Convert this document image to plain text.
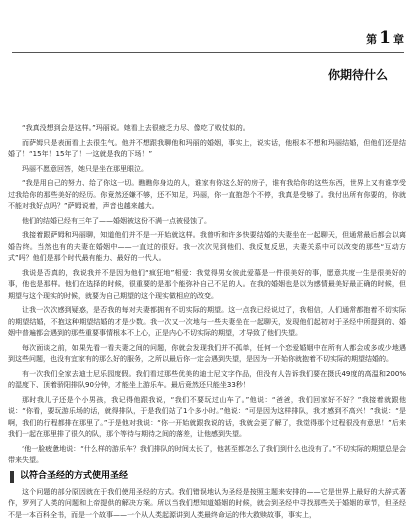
第 1 章
你期待什么

“我真没想到会是这样。”玛丽说。她看上去很疲乏力尽、像吃了败仗似的。

而萨姆只是表面看上去很生气。他并不想跟我聊他和玛丽的婚姻，事实上，说实话，他根本不想和玛丽结婚，但他们还是结婚了！“15年！15年了！一这就是我的下场！”

玛丽不愿意回答，她只是坐在那里眼泣。

“我是用自己的努力、给了你这一切。瞧瞧你身边的人，谁家有你这么好的房子，谁有我给你的这些东西，世界上又有谁享受过我给你的那些美好的经历。你竟然还嫌不够，还不知足，玛丽，你一直抱怨个不停，我真是受够了。我付出所有你要的，你就不能对我好点吗？”萨姆说着，声音也越来越大。

他们的结婚已经有三年了——婚姻被这份不满一点被侵蚀了。

我接着跟萨姆和玛丽聊，知道他们并不是一开始就这样。我曾听和许多快要结婚的夫妻坐在一起聊天，但通常最后都会以离婚告终。当然也有的夫妻在婚姻中——一直过的很好。我一次次见到他们、我反复反思，夫妻关系中可以改变的那些“互动方式”吗？他们是那个时代最有能力、最好的一代人。

我说是否真的，我说我并不是因为他们“疯狂地”相爱：我觉得男女彼此爱慕是一件很美好的事，愿意共度一生是很美好的事，他也是那样。他们在选择的时候，很重要的是那个能弥补自己不足的人。在我的婚姻也是以为感情最美好最正确的时候，但期望与这个现实的时候，就要为自己期望的这个现实做相应的改变。

让我一次次感到疑惑，是否我的每对夫妻都拥有不切实际的期望。这一点我已经说过了，我相信，人们通常都抱着不切实际的期望结婚，不抱这种期望结婚的才是少数。我一次又一次地与一些夫妻坐在一起聊天，发现他们起初对于圣经中所提到的、婚姻中普遍都会遇到的那些重要事情根本不上心，正是内心不切实际的期望，才导致了他们失望。

每次面谈之前，如果先看一看夫妻之间的问题，你就会发现我们并不孤单，任何一个恋爱婚姻中在所有人都会或多或少地遇到这些问题，也没有宜家有的那么好的服务，之所以最后你一定会遇到失望，是因为一开始你就抱着不切实际的期望结婚的。

有一次我们全家去迪士尼乐园度假。我们看过那些优美的迪士尼文字作品，但没有人告诉我们要在摄氏49度的高温和200%的湿度下、顶着骄阳排队90分钟，才能坐上游乐车。最后竟然还只能坐33秒！

那时我儿子还是个小男孩，我记得他跟我说，“我们不要玩过山车了。”他说：“爸爸，我们回家好不好？”我接着就跟他说：“你看，要玩游乐场的话，就得排队，于是我们站了1个多小时。”他说：“可是因为这样排队，我才感到不高兴！”我说：“是啊，我们的行程都排在那里了。”于是他对我说：“你一开始就跟我说的话，我就会更了解了，我觉得那个过程很没有意思！”后来我们一起在那里排了很久的队，那个等待与期待之间的落差，让他感到失望。

‘他一脸疲惫地说：“什么样的游乐车？我们排队的时间太长了，他甚至都怎么了我们到什么也没有了。”不切实际的期望总是会带来失望。

以符合圣经的方式使用圣经

这个问题的部分原因就在于我们使用圣经的方式。我们错误地认为圣经是按照主题来安排的——它是世界上最好的大辞式著作，罗列了人类的问题和上帝提供的解决方案。所以当我们想知道婚姻的时候，就会到圣经中寻找那些关于婚姻的章节，但圣经不是一本百科全书，而是一个故事——一个从人类起源讲到人类最终命运的伟大救赎故事，事实上，
